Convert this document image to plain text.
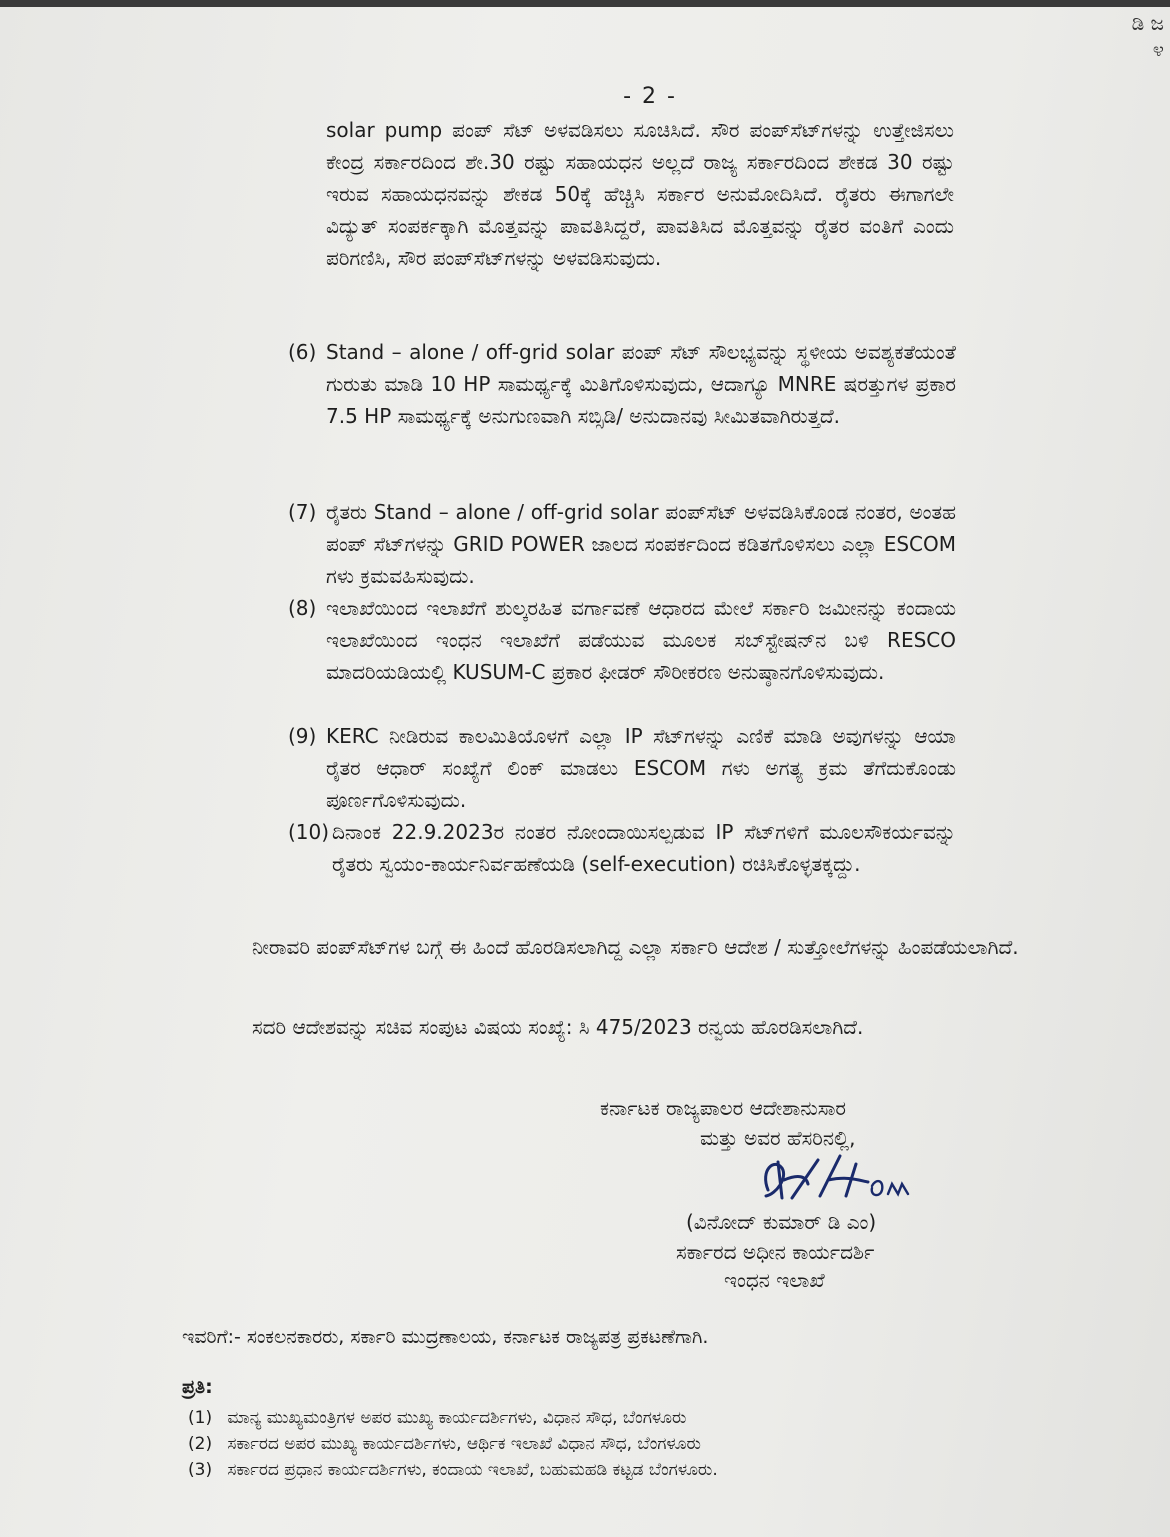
ಡಿ ಜ
೪
- 2 -
solar pump ಪಂಪ್ ಸೆಟ್ ಅಳವಡಿಸಲು ಸೂಚಿಸಿದೆ. ಸೌರ ಪಂಪ್‌ಸೆಟ್‌ಗಳನ್ನು ಉತ್ತೇಜಿಸಲು ಕೇಂದ್ರ ಸರ್ಕಾರದಿಂದ ಶೇ.30 ರಷ್ಟು ಸಹಾಯಧನ ಅಲ್ಲದೆ ರಾಜ್ಯ ಸರ್ಕಾರದಿಂದ ಶೇಕಡ 30 ರಷ್ಟು ಇರುವ ಸಹಾಯಧನವನ್ನು ಶೇಕಡ 50ಕ್ಕೆ ಹೆಚ್ಚಿಸಿ ಸರ್ಕಾರ ಅನುಮೋದಿಸಿದೆ. ರೈತರು ಈಗಾಗಲೇ ವಿದ್ಯುತ್ ಸಂಪರ್ಕಕ್ಕಾಗಿ ಮೊತ್ತವನ್ನು ಪಾವತಿಸಿದ್ದರೆ, ಪಾವತಿಸಿದ ಮೊತ್ತವನ್ನು ರೈತರ ವಂತಿಗೆ ಎಂದು ಪರಿಗಣಿಸಿ, ಸೌರ ಪಂಪ್‌ಸೆಟ್‌ಗಳನ್ನು ಅಳವಡಿಸುವುದು.
(6) Stand – alone / off-grid solar ಪಂಪ್ ಸೆಟ್ ಸೌಲಭ್ಯವನ್ನು ಸ್ಥಳೀಯ ಅವಶ್ಯಕತೆಯಂತೆ ಗುರುತು ಮಾಡಿ 10 HP ಸಾಮರ್ಥ್ಯಕ್ಕೆ ಮಿತಿಗೊಳಿಸುವುದು, ಆದಾಗ್ಯೂ MNRE ಷರತ್ತುಗಳ ಪ್ರಕಾರ 7.5 HP ಸಾಮರ್ಥ್ಯಕ್ಕೆ ಅನುಗುಣವಾಗಿ ಸಬ್ಸಿಡಿ/ ಅನುದಾನವು ಸೀಮಿತವಾಗಿರುತ್ತದೆ.
(7) ರೈತರು Stand – alone / off-grid solar ಪಂಪ್‌ಸೆಟ್ ಅಳವಡಿಸಿಕೊಂಡ ನಂತರ, ಅಂತಹ ಪಂಪ್ ಸೆಟ್‌ಗಳನ್ನು GRID POWER ಜಾಲದ ಸಂಪರ್ಕದಿಂದ ಕಡಿತಗೊಳಿಸಲು ಎಲ್ಲಾ ESCOM ಗಳು ಕ್ರಮವಹಿಸುವುದು.
(8) ಇಲಾಖೆಯಿಂದ ಇಲಾಖೆಗೆ ಶುಲ್ಕರಹಿತ ವರ್ಗಾವಣೆ ಆಧಾರದ ಮೇಲೆ ಸರ್ಕಾರಿ ಜಮೀನನ್ನು ಕಂದಾಯ ಇಲಾಖೆಯಿಂದ ಇಂಧನ ಇಲಾಖೆಗೆ ಪಡೆಯುವ ಮೂಲಕ ಸಬ್‌ಸ್ಟೇಷನ್‌ನ ಬಳಿ RESCO ಮಾದರಿಯಡಿಯಲ್ಲಿ KUSUM-C ಪ್ರಕಾರ ಫೀಡರ್ ಸೌರೀಕರಣ ಅನುಷ್ಠಾನಗೊಳಿಸುವುದು.
(9) KERC ನೀಡಿರುವ ಕಾಲಮಿತಿಯೊಳಗೆ ಎಲ್ಲಾ IP ಸೆಟ್‌ಗಳನ್ನು ಎಣಿಕೆ ಮಾಡಿ ಅವುಗಳನ್ನು ಆಯಾ ರೈತರ ಆಧಾರ್ ಸಂಖ್ಯೆಗೆ ಲಿಂಕ್ ಮಾಡಲು ESCOM ಗಳು ಅಗತ್ಯ ಕ್ರಮ ತೆಗೆದುಕೊಂಡು ಪೂರ್ಣಗೊಳಿಸುವುದು.
(10) ದಿನಾಂಕ 22.9.2023ರ ನಂತರ ನೋಂದಾಯಿಸಲ್ಪಡುವ IP ಸೆಟ್‌ಗಳಿಗೆ ಮೂಲಸೌಕರ್ಯವನ್ನು ರೈತರು ಸ್ವಯಂ-ಕಾರ್ಯನಿರ್ವಹಣೆಯಡಿ (self-execution) ರಚಿಸಿಕೊಳ್ಳತಕ್ಕದ್ದು.
ನೀರಾವರಿ ಪಂಪ್‌ಸೆಟ್‌ಗಳ ಬಗ್ಗೆ ಈ ಹಿಂದೆ ಹೊರಡಿಸಲಾಗಿದ್ದ ಎಲ್ಲಾ ಸರ್ಕಾರಿ ಆದೇಶ / ಸುತ್ತೋಲೆಗಳನ್ನು ಹಿಂಪಡೆಯಲಾಗಿದೆ.
ಸದರಿ ಆದೇಶವನ್ನು ಸಚಿವ ಸಂಪುಟ ವಿಷಯ ಸಂಖ್ಯೆ: ಸಿ 475/2023 ರನ್ವಯ ಹೊರಡಿಸಲಾಗಿದೆ.
ಕರ್ನಾಟಕ ರಾಜ್ಯಪಾಲರ ಆದೇಶಾನುಸಾರ
ಮತ್ತು ಅವರ ಹೆಸರಿನಲ್ಲಿ,
(ವಿನೋದ್ ಕುಮಾರ್ ಡಿ ಎಂ)
ಸರ್ಕಾರದ ಅಧೀನ ಕಾರ್ಯದರ್ಶಿ
ಇಂಧನ ಇಲಾಖೆ
ಇವರಿಗೆ:- ಸಂಕಲನಕಾರರು, ಸರ್ಕಾರಿ ಮುದ್ರಣಾಲಯ, ಕರ್ನಾಟಕ ರಾಜ್ಯಪತ್ರ ಪ್ರಕಟಣೆಗಾಗಿ.
ಪ್ರತಿ:
(1) ಮಾನ್ಯ ಮುಖ್ಯಮಂತ್ರಿಗಳ ಅಪರ ಮುಖ್ಯ ಕಾರ್ಯದರ್ಶಿಗಳು, ವಿಧಾನ ಸೌಧ, ಬೆಂಗಳೂರು
(2) ಸರ್ಕಾರದ ಅಪರ ಮುಖ್ಯ ಕಾರ್ಯದರ್ಶಿಗಳು, ಆರ್ಥಿಕ ಇಲಾಖೆ ವಿಧಾನ ಸೌಧ, ಬೆಂಗಳೂರು
(3) ಸರ್ಕಾರದ ಪ್ರಧಾನ ಕಾರ್ಯದರ್ಶಿಗಳು, ಕಂದಾಯ ಇಲಾಖೆ, ಬಹುಮಹಡಿ ಕಟ್ಟಡ ಬೆಂಗಳೂರು.
